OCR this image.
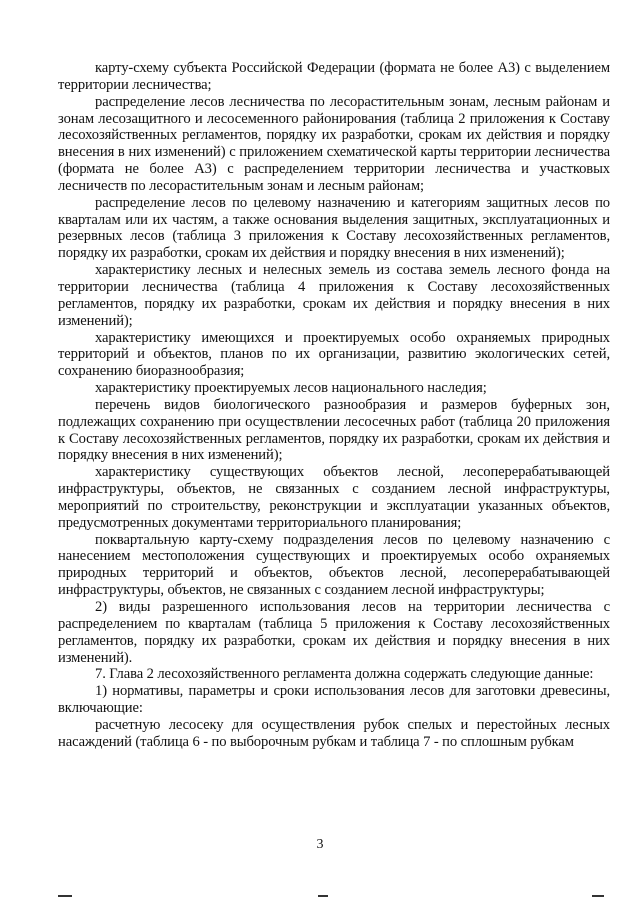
карту-схему субъекта Российской Федерации (формата не более А3) с выделением территории лесничества;

распределение лесов лесничества по лесорастительным зонам, лесным районам и зонам лесозащитного и лесосеменного районирования (таблица 2 приложения к Составу лесохозяйственных регламентов, порядку их разработки, срокам их действия и порядку внесения в них изменений) с приложением схематической карты территории лесничества (формата не более А3) с распределением территории лесничества и участковых лесничеств по лесорастительным зонам и лесным районам;

распределение лесов по целевому назначению и категориям защитных лесов по кварталам или их частям, а также основания выделения защитных, эксплуатационных и резервных лесов (таблица 3 приложения к Составу лесохозяйственных регламентов, порядку их разработки, срокам их действия и порядку внесения в них изменений);

характеристику лесных и нелесных земель из состава земель лесного фонда на территории лесничества (таблица 4 приложения к Составу лесохозяйственных регламентов, порядку их разработки, срокам их действия и порядку внесения в них изменений);

характеристику имеющихся и проектируемых особо охраняемых природных территорий и объектов, планов по их организации, развитию экологических сетей, сохранению биоразнообразия;

характеристику проектируемых лесов национального наследия;

перечень видов биологического разнообразия и размеров буферных зон, подлежащих сохранению при осуществлении лесосечных работ (таблица 20 приложения к Составу лесохозяйственных регламентов, порядку их разработки, срокам их действия и порядку внесения в них изменений);

характеристику существующих объектов лесной, лесоперерабатывающей инфраструктуры, объектов, не связанных с созданием лесной инфраструктуры, мероприятий по строительству, реконструкции и эксплуатации указанных объектов, предусмотренных документами территориального планирования;

поквартальную карту-схему подразделения лесов по целевому назначению с нанесением местоположения существующих и проектируемых особо охраняемых природных территорий и объектов, объектов лесной, лесоперерабатывающей инфраструктуры, объектов, не связанных с созданием лесной инфраструктуры;

2) виды разрешенного использования лесов на территории лесничества с распределением по кварталам (таблица 5 приложения к Составу лесохозяйственных регламентов, порядку их разработки, срокам их действия и порядку внесения в них изменений).

7. Глава 2 лесохозяйственного регламента должна содержать следующие данные:

1) нормативы, параметры и сроки использования лесов для заготовки древесины, включающие:

расчетную лесосеку для осуществления рубок спелых и перестойных лесных насаждений (таблица 6 - по выборочным рубкам и таблица 7 - по сплошным рубкам

3
